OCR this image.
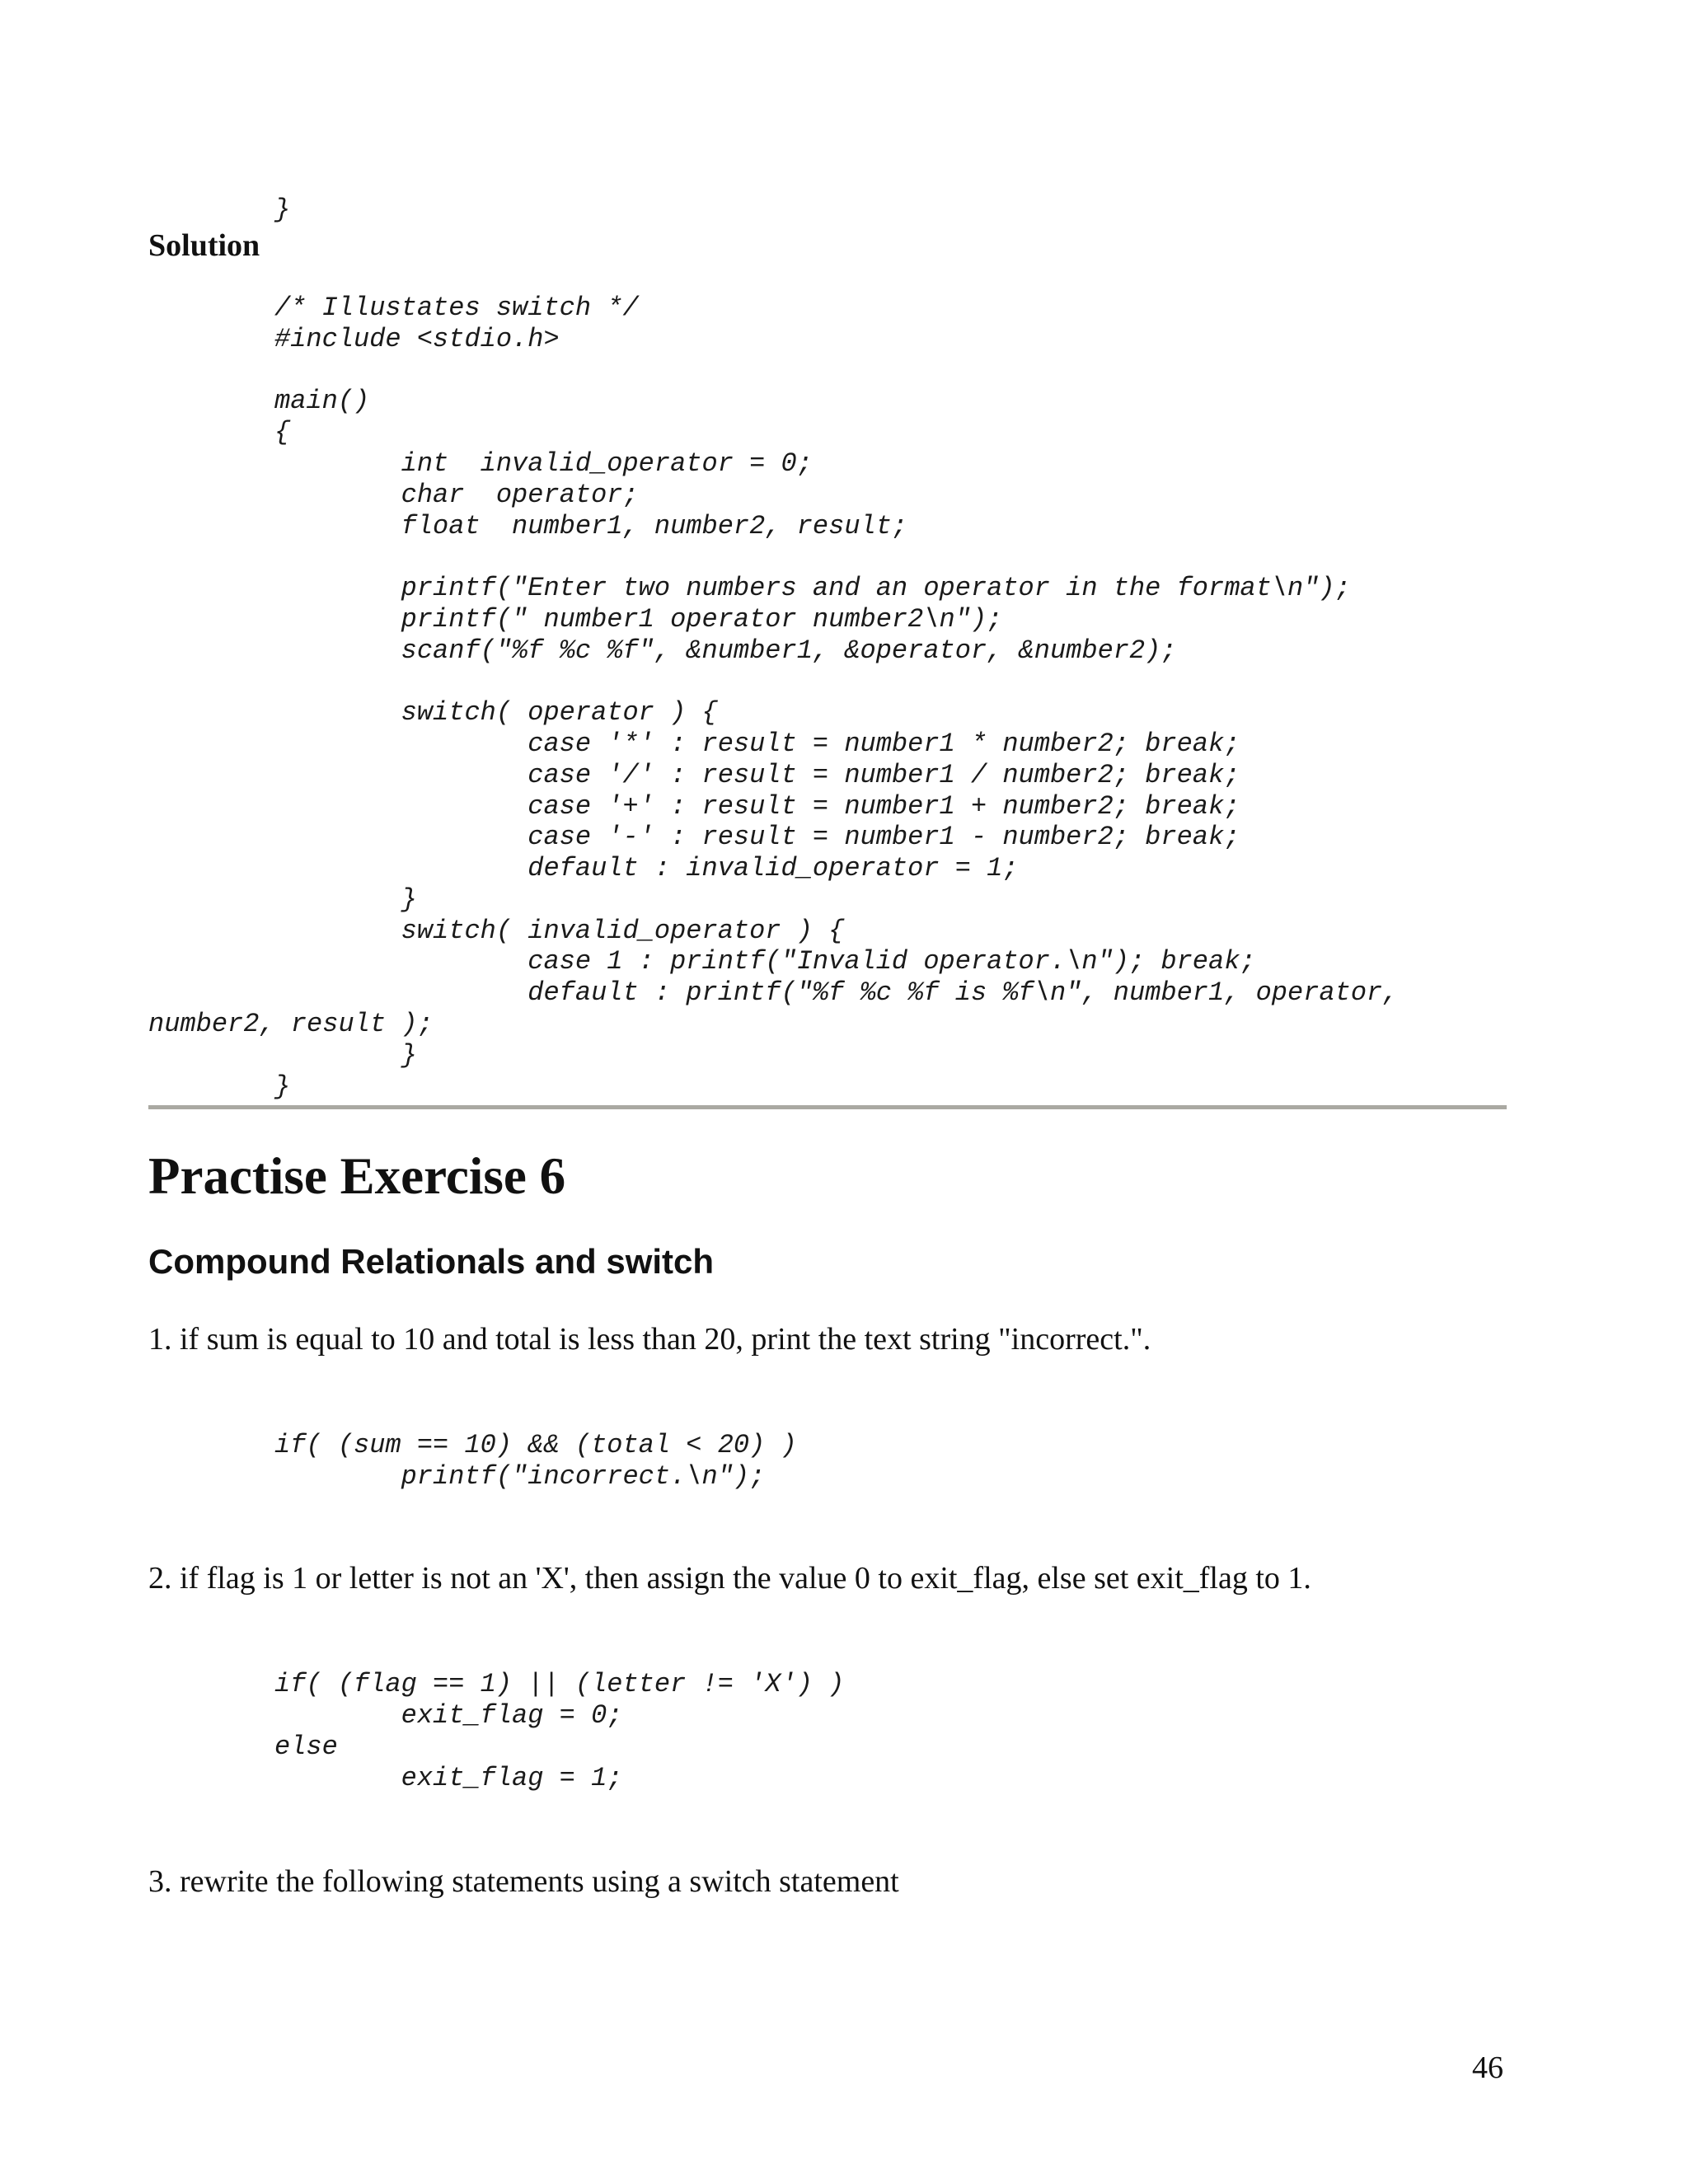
}

Solution

/* Illustates switch */
#include <stdio.h>
main()
{
int  invalid_operator = 0;
char  operator;
float  number1, number2, result;
printf("Enter two numbers and an operator in the format\n");
printf(" number1 operator number2\n");
scanf("%f %c %f", &number1, &operator, &number2);
switch( operator ) {
case '*' : result = number1 * number2; break;
case '/' : result = number1 / number2; break;
case '+' : result = number1 + number2; break;
case '-' : result = number1 - number2; break;
default : invalid_operator = 1;
}
switch( invalid_operator ) {
case 1 : printf("Invalid operator.\n"); break;
default : printf("%f %c %f is %f\n", number1, operator,
number2, result );
}
}
Practise Exercise 6
Compound Relationals and switch

1. if sum is equal to 10 and total is less than 20, print the text string "incorrect.".

if( (sum == 10) && (total < 20) )
printf("incorrect.\n");

2. if flag is 1 or letter is not an 'X', then assign the value 0 to exit_flag, else set exit_flag to 1.

if( (flag == 1) || (letter != 'X') )
exit_flag = 0;
else
exit_flag = 1;

3. rewrite the following statements using a switch statement

46
